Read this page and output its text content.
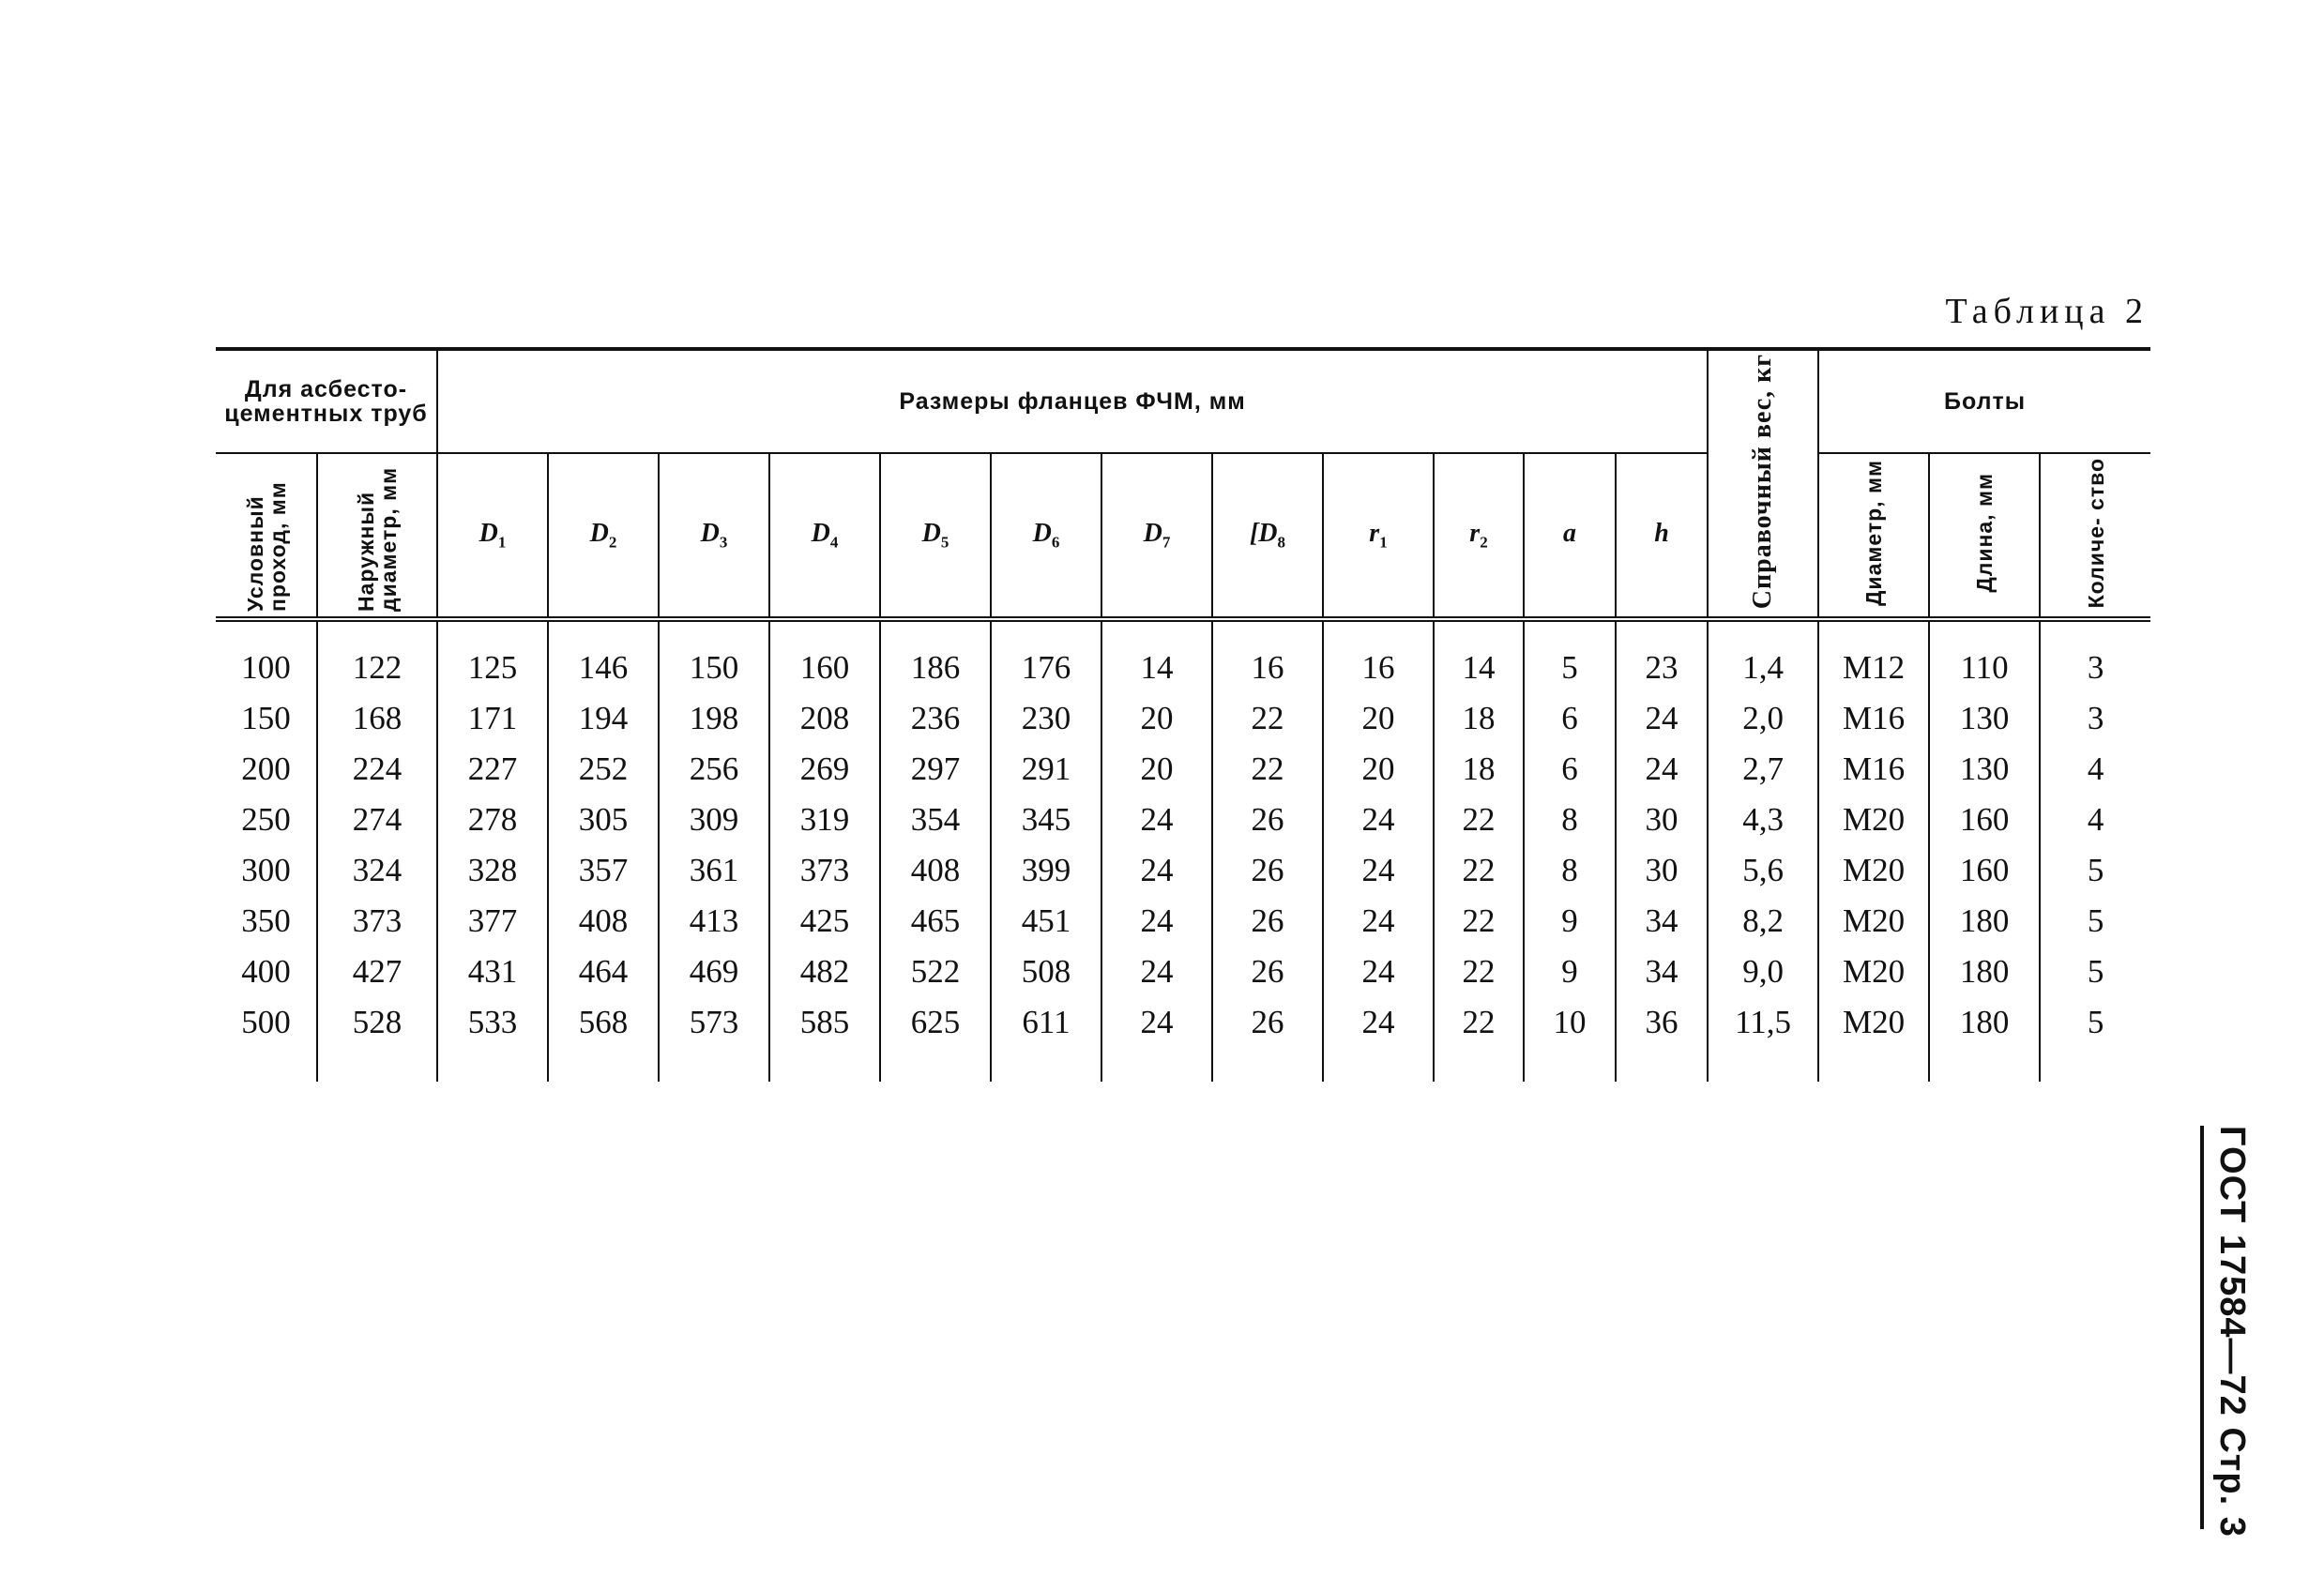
Таблица 2
Для асбесто- цементных труб		Размеры фланцев ФЧМ, мм												Справочный вес, кг	Болты		
Условный проход, мм	Наружный диаметр, мм	$D_1$	$D_2$	$D_3$	$D_4$	$D_5$	$D_6$	$D_7$	[$D_8$	$r_1$	$r_2$	a	h		Диаметр, мм	Длина, мм	Количе- ство
100	122	125	146	150	160	186	176	14	16	16	14	5	23	1,4	М12	110	3
150	168	171	194	198	208	236	230	20	22	20	18	6	24	2,0	М16	130	3
200	224	227	252	256	269	297	291	20	22	20	18	6	24	2,7	М16	130	4
250	274	278	305	309	319	354	345	24	26	24	22	8	30	4,3	М20	160	4
300	324	328	357	361	373	408	399	24	26	24	22	8	30	5,6	М20	160	5
350	373	377	408	413	425	465	451	24	26	24	22	9	34	8,2	М20	180	5
400	427	431	464	469	482	522	508	24	26	24	22	9	34	9,0	М20	180	5
500	528	533	568	573	585	625	611	24	26	24	22	10	36	11,5	М20	180	5

ГОСТ 17584—72 Стр. 3
